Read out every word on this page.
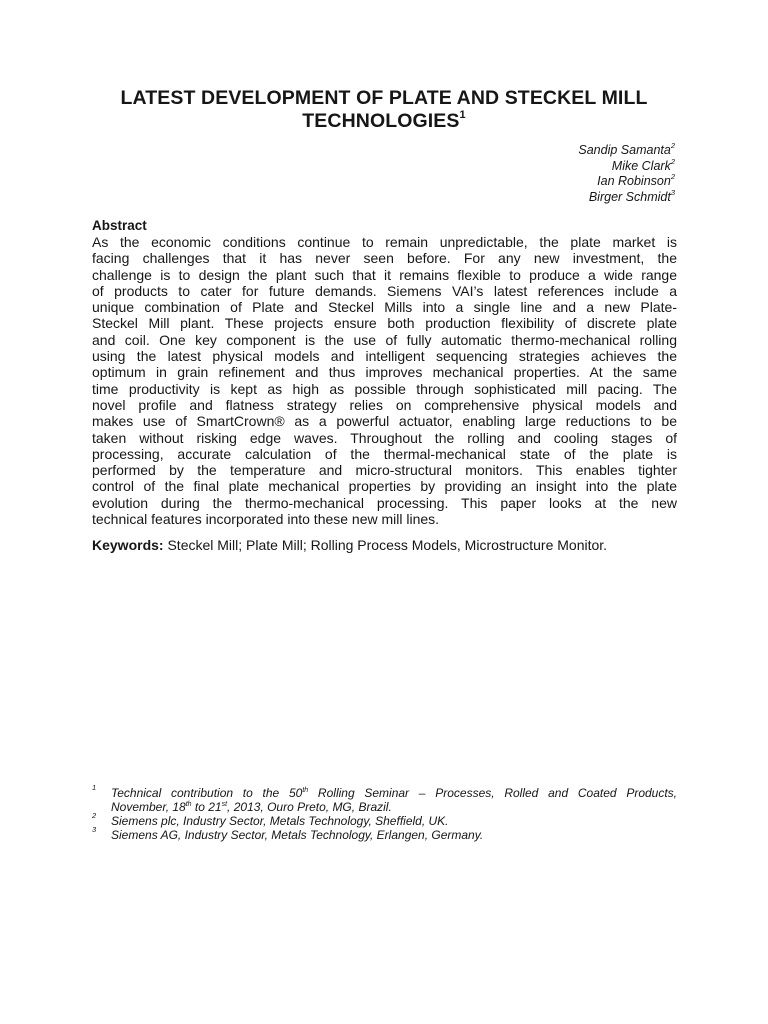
LATEST DEVELOPMENT OF PLATE AND STECKEL MILL
TECHNOLOGIES$^1$
Sandip Samanta$^2$
Mike Clark$^2$
Ian Robinson$^2$
Birger Schmidt$^3$
Abstract
As the economic conditions continue to remain unpredictable, the plate market is
facing challenges that it has never seen before. For any new investment, the
challenge is to design the plant such that it remains flexible to produce a wide range
of products to cater for future demands. Siemens VAI’s latest references include a
unique combination of Plate and Steckel Mills into a single line and a new Plate-
Steckel Mill plant. These projects ensure both production flexibility of discrete plate
and coil. One key component is the use of fully automatic thermo-mechanical rolling
using the latest physical models and intelligent sequencing strategies achieves the
optimum in grain refinement and thus improves mechanical properties. At the same
time productivity is kept as high as possible through sophisticated mill pacing. The
novel profile and flatness strategy relies on comprehensive physical models and
makes use of SmartCrown® as a powerful actuator, enabling large reductions to be
taken without risking edge waves. Throughout the rolling and cooling stages of
processing, accurate calculation of the thermal-mechanical state of the plate is
performed by the temperature and micro-structural monitors. This enables tighter
control of the final plate mechanical properties by providing an insight into the plate
evolution during the thermo-mechanical processing. This paper looks at the new
technical features incorporated into these new mill lines.
Keywords: Steckel Mill; Plate Mill; Rolling Process Models, Microstructure Monitor.
1 Technical contribution to the 50th Rolling Seminar – Processes, Rolled and Coated Products,
November, 18th to 21st, 2013, Ouro Preto, MG, Brazil.
2 Siemens plc, Industry Sector, Metals Technology, Sheffield, UK.
3 Siemens AG, Industry Sector, Metals Technology, Erlangen, Germany.
